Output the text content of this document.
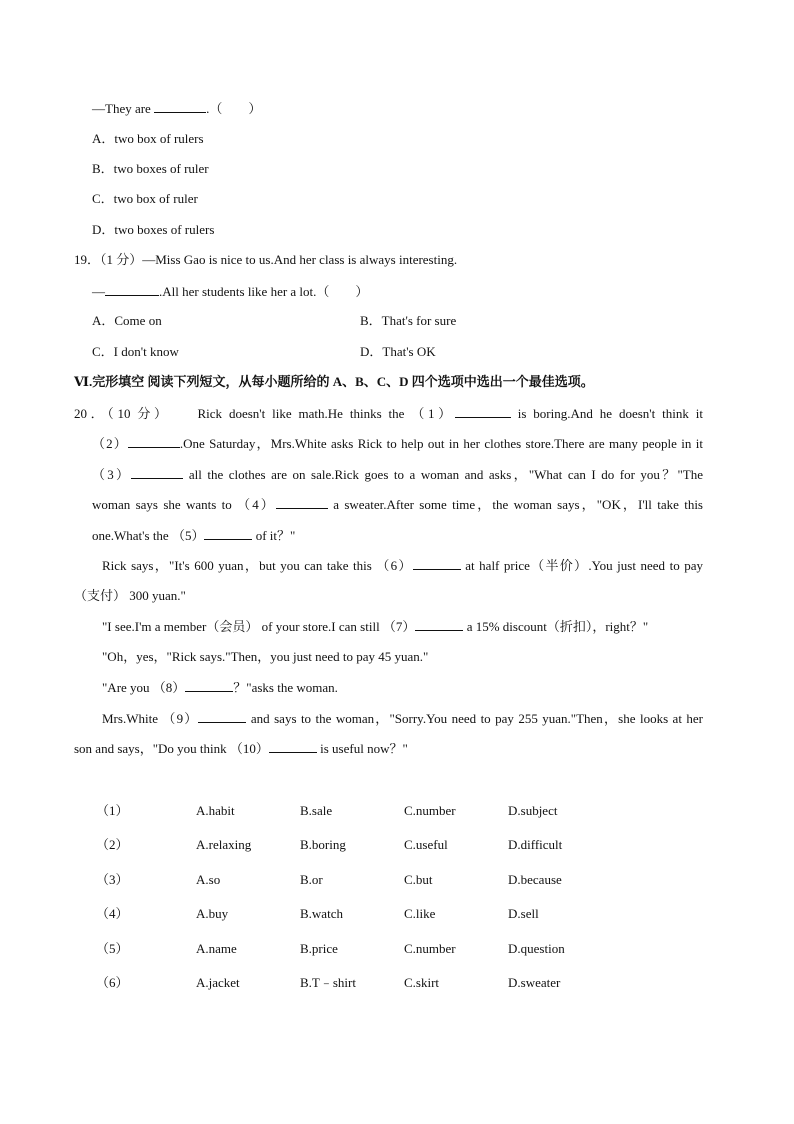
—They are	.（　　）
A．two box of rulers
B．two boxes of ruler
C．two box of ruler
D．two boxes of rulers
19．（1 分）—Miss Gao is nice to us.And her class is always interesting.
—	.All her students like her a lot.（　　）
A．Come on	B．That's for sure
C．I don't know	D．That's OK
Ⅵ.完形填空 阅读下列短文，从每小题所给的 A、B、C、D 四个选项中选出一个最佳选项。
20．（10 分）　　Rick doesn't like math.He thinks the （1）	is boring.And he doesn't think it
（2）	.One Saturday，Mrs.White asks Rick to help out in her clothes store.There are many people in it
（3）	all the clothes are on sale.Rick goes to a woman and asks，"What can I do for you？"The
woman says she wants to （4）	a sweater.After some time，the woman says，"OK，I'll take this
one.What's the （5）	of it？"
Rick says，"It's 600 yuan，but you can take this （6）	at half price（半价）.You just need to pay
（支付） 300 yuan."
"I see.I'm a member（会员） of your store.I can still （7）	a 15% discount（折扣），right？"
"Oh，yes，"Rick says."Then，you just need to pay 45 yuan."
"Are you （8）	？"asks the woman.
Mrs.White （9）	and says to the woman，"Sorry.You need to pay 255 yuan."Then，she looks at her
son and says，"Do you think （10）	is useful now？"
（1）	A.habit	B.sale	C.number	D.subject
（2）	A.relaxing	B.boring	C.useful	D.difficult
（3）	A.so	B.or	C.but	D.because
（4）	A.buy	B.watch	C.like	D.sell
（5）	A.name	B.price	C.number	D.question
（6）	A.jacket	B.T﹣shirt	C.skirt	D.sweater
